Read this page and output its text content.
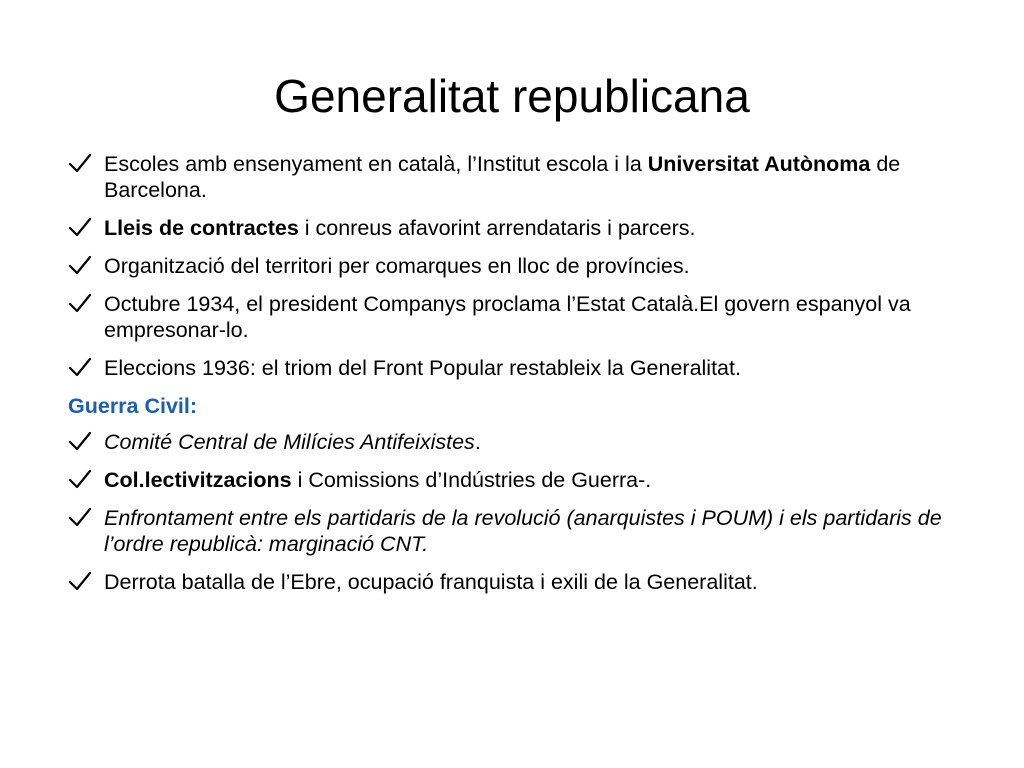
Generalitat republicana
Escoles amb ensenyament en català, l’Institut escola i la Universitat Autònoma de Barcelona.
Lleis de contractes i conreus afavorint arrendataris i parcers.
Organització del territori per comarques en lloc de províncies.
Octubre 1934, el president Companys proclama l’Estat Català.El govern espanyol va empresonar-lo.
Eleccions 1936: el triom del Front Popular restableix la Generalitat.
Guerra Civil:
Comité Central de Milícies Antifeixistes.
Col.lectivitzacions i Comissions d’Indústries de Guerra-.
Enfrontament entre els partidaris de la revolució (anarquistes i POUM) i els partidaris de l’ordre republicà: marginació CNT.
Derrota batalla de l’Ebre, ocupació franquista i exili de la Generalitat.
